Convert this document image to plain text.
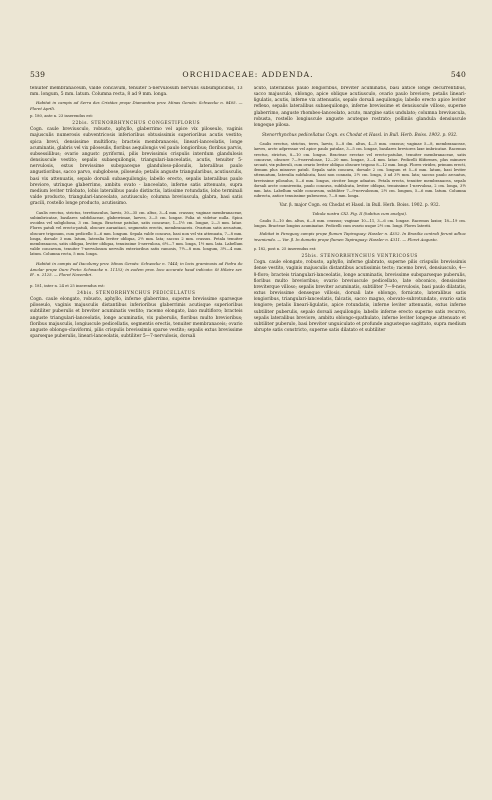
539	ORCHIDACEAE: ADDENDA.	540

tenuiter membranaceum, valde concavum, tenuiter 5-nervulosum nervulis subsimplicibus, 13 mm. longum, 5 mm. latum. Columna recta, 8 ad 9 mm. longa.

Habitat in campis ad Serra des Cristães prope Diamantina prov. Minas Geraës: Schwacke n. 8405. — Floret Aprili.

p. 180, ante n. 23 inserendus est:

22bis. STENORRHYNCHUS CONGESTIFLORUS

Cogn. caule breviusculo, robusto, aphyllo, glaberrimo vel apice vix piloseulo, vaginis majusculis numerosis subventricosis inferioribus obtusissimis superioribus acutis vestito; spica brevi, densissime multiflora; bracteis membranaceis, lineari-lanceolatis, longe acuminatis, glabris vel vix piloseulis, floribus aequilongis vel paulo longioribus; floribus parvis, subsessilibus; ovario angustc pyriformi, pilis brevissimis crispulis interdum glandulosis densiuscule vestito; sepalis subaequilongis, triangulari-lanceolatis, acutis, tenuiter 5-nervulosis, extus brevissime subopaceque glanduloso-pilosulis, lateralibus paulo angustioribus, sacco parvo, subglobose, piloseulo; petalis anguste triangularibus, acutiusculis, basi vix attenuatis, sepalo dorsali subaequilongis; labello erecto, sepalis lateralibus paulo breviore, utrinque glaberrimo, ambitu ovato - lanceolato, inferne satis attenuato, supra medium leviter trilobato, lobis lateralibus paulo distinctis, latissime rotundatis, lobo terminali valde producto, triangulari-lanceolato, acutiusculo; columna breviuscula, glabra, basi satis gracili, rostello longe producto, acutissimo.

Caulis erectus, strictus, teretiusculus, laevis, 30—35 cm. altus, 3—4 mm. crassus; vaginae membranaceae, subimbricatae, basilares subfoliaceae, glaberrimae, laeves, 3—5 cm. longae. Folia ut videtur nulla. Spica ovoidea vel subglobosa, 3 cm. longa. Bracteae patulae, satis concavae, 1—1½ cm. longae, 2—3 mm. latae. Flores patuli vel erecto-patuli, obscure aurantiaci, segmentis erectis, membranaceis. Ovarium satis arcuatum, obscure trigonum, cum pedicello 5—6 mm. longum. Sepala valde concava, basi non vel vix attenuata, 7—8 mm. longa, dorsale 3 mm. latum, lateralia leviter obliqua, 2½ mm. lata; saccus 2 mm. crassus. Petala tenuiter membranacea, satis obliqua, leviter obliqua, tenuissime 5-nervulosa, 6½—7 mm. longa, 1½ mm. lata. Labellum valde concavum, tenuiter 7-nervulosum nervulis exterioribus satis ramosis, 7½—8 mm. longum, 3½—4 mm. latum. Columna recta, 5 mm. longa.

Habitat in campis ad Itacolumy prov. Minas Geraës: Schwacke n. 7444; in locis graminosis ad Pedra do Amolar prope Ouro Preto: Schwacke n. 11153; in eodem prov. loco accurate haud indicato: St Hilaire ser. B¹. n. 2125. — Floret Novembri.

p. 181, inter n. 24 et 25 inserendus est:

24bis. STENORRHYNCHUS PEDICELLATUS

Cogn. caule elongato, robusto, aphyllo, inferne glaberrimo, superne brevissime sparseque piloseulo, vaginis majusculis distantibus inferioribus glaberrimis acutisque superioribus subtiliter puberulis et breviter acuminatis vestito; racemo elongato, laxo multifloro; bracteis anguste triangulari-lanceolatis, longe acuminatis, vix puberulis, floribus multo brevioribus; floribus majusculis, longiuscule pedicellatis, segmentis erectis, tenuiter membranaceis; ovario anguste oblongo-claviformi, pilis crispulis brevissimis sparse vestito; sepalis extus brevissime sparseque puberulis, lineari-lanceolatis, subtiliter 5—7-nervulosis, dorsali

acuto, lateralibus paulo longioribus, breviter acuminatis, basi antice longe decurrentibus, sacco majusculo, oblongo, apice oblique acutiusculo, ovario paulo breviore; petalis lineari-ligulatis, acutis, inferne vix attenuatis, sepalo dorsali aequilongis; labello erecto apice leviter reflexo, sepalis lateralibus subaequilongo, inferne brevissime et densiuscule villoso, superne glaberrimo, anguste rhombeo-lanceolato, acuto, margine satis undulato; columna breviuscula, robusta, rostello longiuscule anguste acuteque rostrato; polliniis glandula densiuscule longeque pilosa.

Stenorrhynchus pedicellatus Cogn. ex Chodat et Hassl. in Bull. Herb. Boiss. 1903. p. 932.

Caulis erectus, strictus, teres, laevis, 5—8 dm. altus, 4—5 mm. crassus; vaginae 5—8, membranaceae, laeves, arcte adpressae vel apice paulo patulae, 3—5 cm. longae, basilares breviores laxe imbricatae. Racemus erectus, strictus, 8—10 cm. longus. Bracteae erectae vel erecto-patulae, tenuiter membranaceae, satis concavae, obscure 7—9-nervulosae, 12—20 mm. longae, 3—4 mm. latae. Pedicelli filiformes, plus minusve arcuati, vix puberuli, cum ovario leviter obliquo obscure trigono 8—12 mm. longi. Flores virides, primum erecti, demum plus minusve patuli. Sepala satis concava, dorsale 2 cm. longum et 5—6 mm. latum, basi leviter attenuatum, lateralia subfalcata, basi non connata, 2½ cm. longa, 3 ad 3½ mm. lata; saccus paulo arcuatus, brevissime pilosulus, 5—6 mm. longus, circiter longe adnatus. Petala erecta, tenuiter membranacea, sepalo dorsali arcte conniventia, paulo concava, subfalcata, leviter obliqua, tenuissime 1-nervulosa, 2 cm. longa, 3½ mm. lata. Labellum valde concavum, subtiliter 7—9-nervulosum, 2½ cm. longum, 5—6 mm. latum. Columna subrecta, antice tenuissime pubescens, 7—8 mm. longa.

Var. β. major Cogn. ex Chodat et Hassl. in Bull. Herb. Boiss. 1902. p. 932.

Tabula nostra CXI. Fig. II (habitus cum analysi).

Caulis 5—10 dm. altus, 6—8 mm. crassus; vaginae 10—11, 3—6 cm. longae. Racemus laxior, 18—19 cm. longus. Bracteae longius acuminatae. Pedicelli cum ovario usque 2½ cm. longi. Flores lateriti.

Habitat in Paraguay campis prope flumen Tapiraguay: Hassler n. 4352. In Brasilia centrali ferunt adhuc inveniendo. — Var. β. In dumetis prope flumen Tapiraguay: Hassler n. 4311. — Floret Augusto.

p. 182, post n. 25 inserendus est:

25bis. STENORRHYNCHUS VENTRICOSUS

Cogn. caule elongato, robusto, aphyllo, inferne glabrato, superne pilis crispulis brevissimis dense vestito, vaginis majusculis distantibus acutissimis tecto; racemo brevi, densiusculo, 4—8-floro; bracteis triangulari-lanceolatis, longe acuminatis, brevissime subsparseque puberulis, floribus multo brevioribus; ovario breviuscule pedicellato, late obconico, densissime breviterque villoso; sepalis breviter acuminatis, subtiliter 7—9-nervulosis, basi paulo dilatatis, extus brevissime denseque villosis, dorsali late oblongo, fornicato, lateralibus satis longioribus, triangulari-lanceolatis, falcatis, sacco magno, obovato-subrotundato, ovario satis longiore; petalis lineari-ligulatis, apice rotundatis, inferne leviter attenuatis, extus inferne subtiliter puberulis, sepalo dorsali aequilongis; labello inferne erecto superne satis recurvo, sepalis lateralibus breviore, ambitu oblongo-spathulato, inferne leviter longeque attenuato et subtiliter puberulo, basi breviter unguiculato et profunde angusteque sagittato, supra medium abrupte satis constricto, superne satis dilatato et subtiliter
